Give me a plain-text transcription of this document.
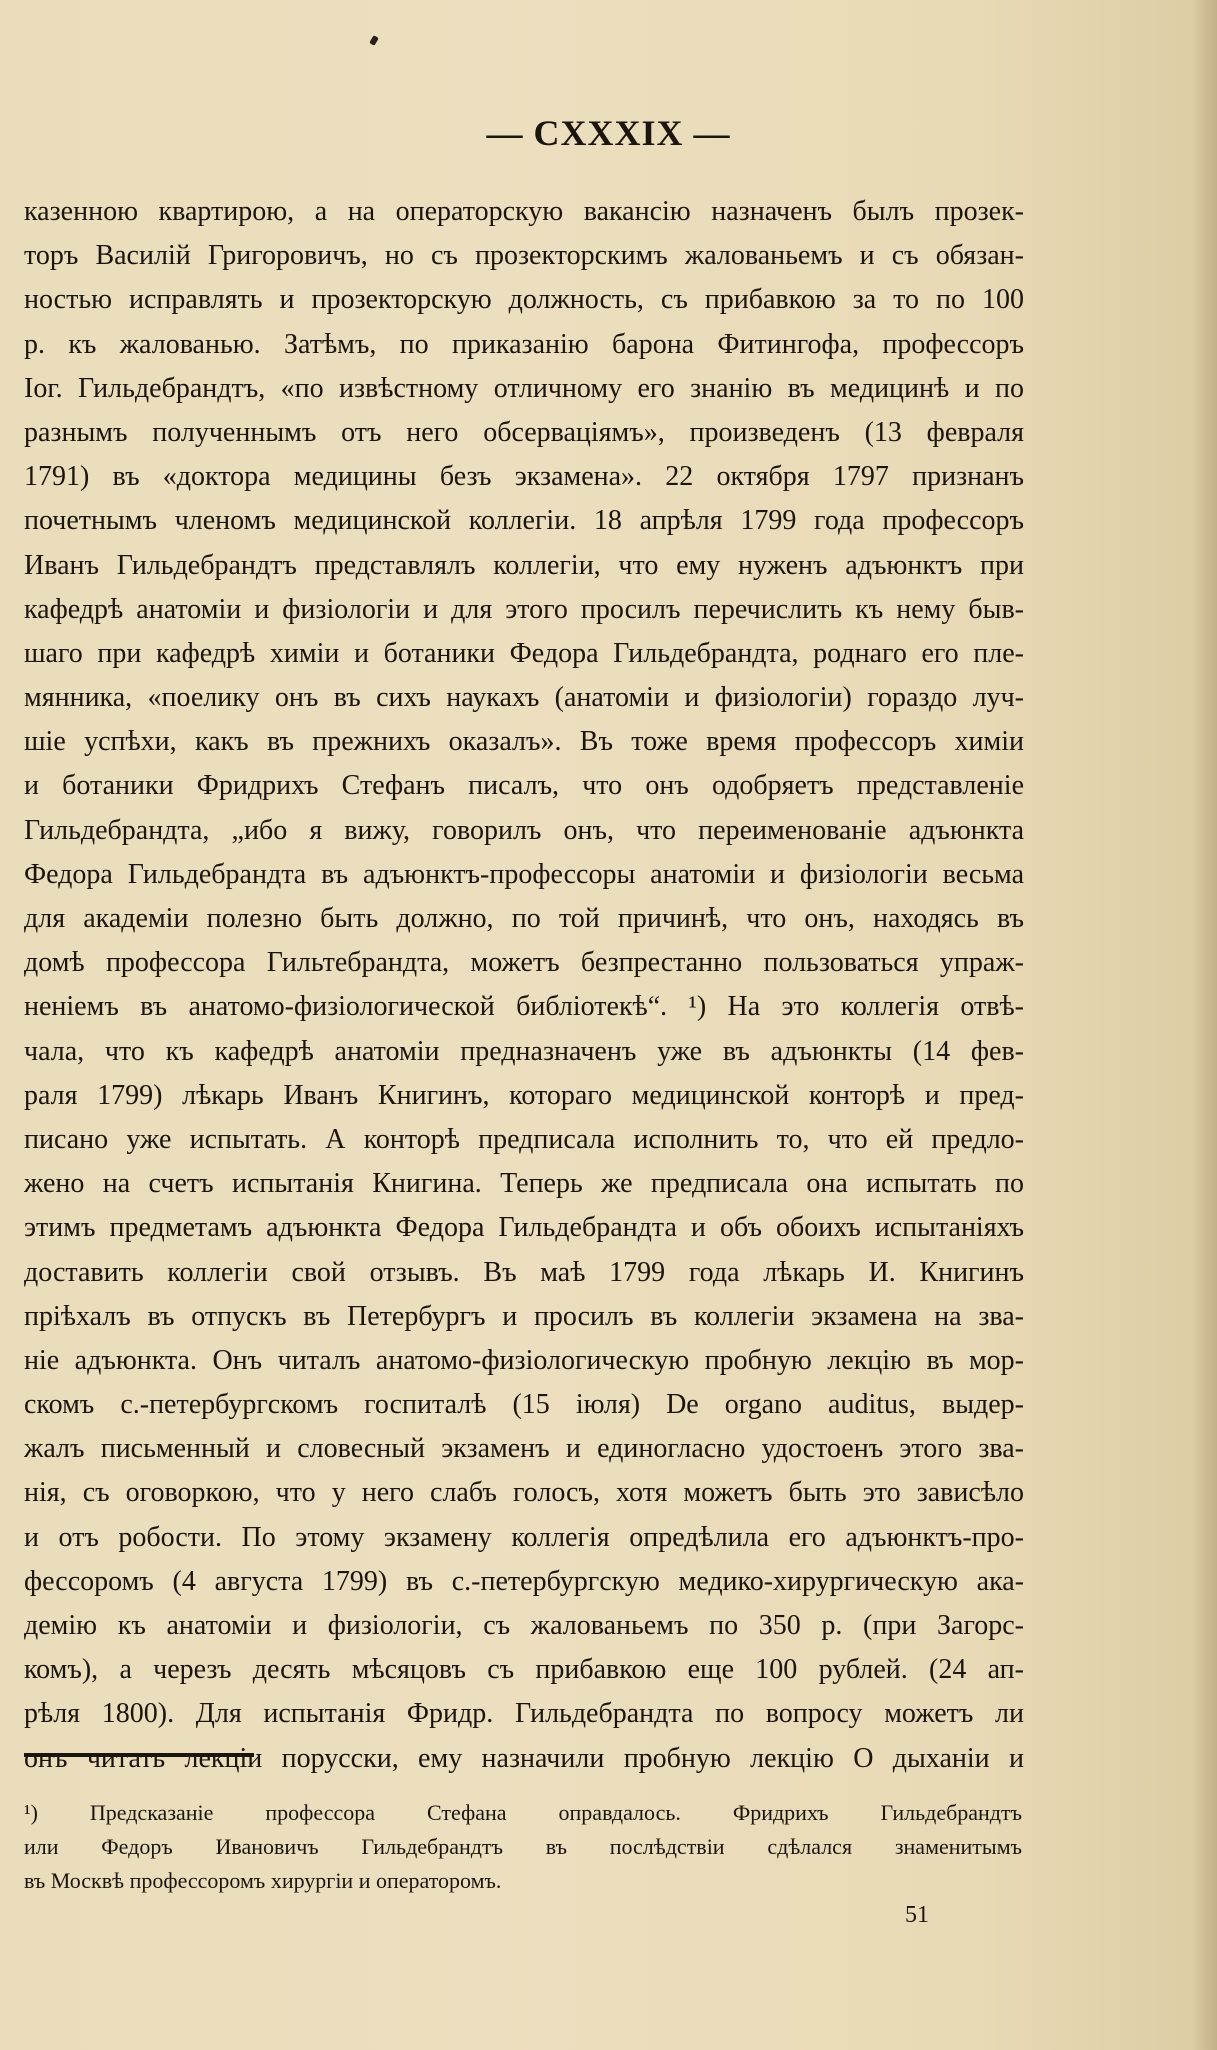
— CXXXIX —
казенною квартирою, а на операторскую вакансію назначенъ былъ прозек-
торъ Василій Григоровичъ, но съ прозекторскимъ жалованьемъ и съ обязан-
ностью исправлять и прозекторскую должность, съ прибавкою за то по 100
р. къ жалованью. Затѣмъ, по приказанію барона Фитингофа, профессоръ
Іог. Гильдебрандтъ, «по извѣстному отличному его знанію въ медицинѣ и по
разнымъ полученнымъ отъ него обсерваціямъ», произведенъ (13 февраля
1791) въ «доктора медицины безъ экзамена». 22 октября 1797 признанъ
почетнымъ членомъ медицинской коллегіи. 18 апрѣля 1799 года профессоръ
Иванъ Гильдебрандтъ представлялъ коллегіи, что ему нуженъ адъюнктъ при
кафедрѣ анатоміи и физіологіи и для этого просилъ перечислить къ нему быв-
шаго при кафедрѣ химіи и ботаники Федора Гильдебрандта, роднаго его пле-
мянника, «поелику онъ въ сихъ наукахъ (анатоміи и физіологіи) гораздо луч-
шіе успѣхи, какъ въ прежнихъ оказалъ». Въ тоже время профессоръ химіи
и ботаники Фридрихъ Стефанъ писалъ, что онъ одобряетъ представленіе
Гильдебрандта, „ибо я вижу, говорилъ онъ, что переименованіе адъюнкта
Федора Гильдебрандта въ адъюнктъ-профессоры анатоміи и физіологіи весьма
для академіи полезно быть должно, по той причинѣ, что онъ, находясь въ
домѣ профессора Гильтебрандта, можетъ безпрестанно пользоваться упраж-
неніемъ въ анатомо-физіологической библіотекѣ“. ¹) На это коллегія отвѣ-
чала, что къ кафедрѣ анатоміи предназначенъ уже въ адъюнкты (14 фев-
раля 1799) лѣкарь Иванъ Книгинъ, котораго медицинской конторѣ и пред-
писано уже испытать. А конторѣ предписала исполнить то, что ей предло-
жено на счетъ испытанія Книгина. Теперь же предписала она испытать по
этимъ предметамъ адъюнкта Федора Гильдебрандта и объ обоихъ испытаніяхъ
доставить коллегіи свой отзывъ. Въ маѣ 1799 года лѣкарь И. Книгинъ
пріѣхалъ въ отпускъ въ Петербургъ и просилъ въ коллегіи экзамена на зва-
ніе адъюнкта. Онъ читалъ анатомо-физіологическую пробную лекцію въ мор-
скомъ с.-петербургскомъ госпиталѣ (15 іюля) De organo auditus, выдер-
жалъ письменный и словесный экзаменъ и единогласно удостоенъ этого зва-
нія, съ оговоркою, что у него слабъ голосъ, хотя можетъ быть это зависѣло
и отъ робости. По этому экзамену коллегія опредѣлила его адъюнктъ-про-
фессоромъ (4 августа 1799) въ с.-петербургскую медико-хирургическую ака-
демію къ анатоміи и физіологіи, съ жалованьемъ по 350 р. (при Загорс-
комъ), а черезъ десять мѣсяцовъ съ прибавкою еще 100 рублей. (24 ап-
рѣля 1800). Для испытанія Фридр. Гильдебрандта по вопросу можетъ ли
онъ читать лекціи порусски, ему назначили пробную лекцію О дыханіи и
¹) Предсказаніе профессора Стефана оправдалось. Фридрихъ Гильдебрандтъ
или Федоръ Ивановичъ Гильдебрандтъ въ послѣдствіи сдѣлался знаменитымъ
въ Москвѣ профессоромъ хирургіи и операторомъ.
51
